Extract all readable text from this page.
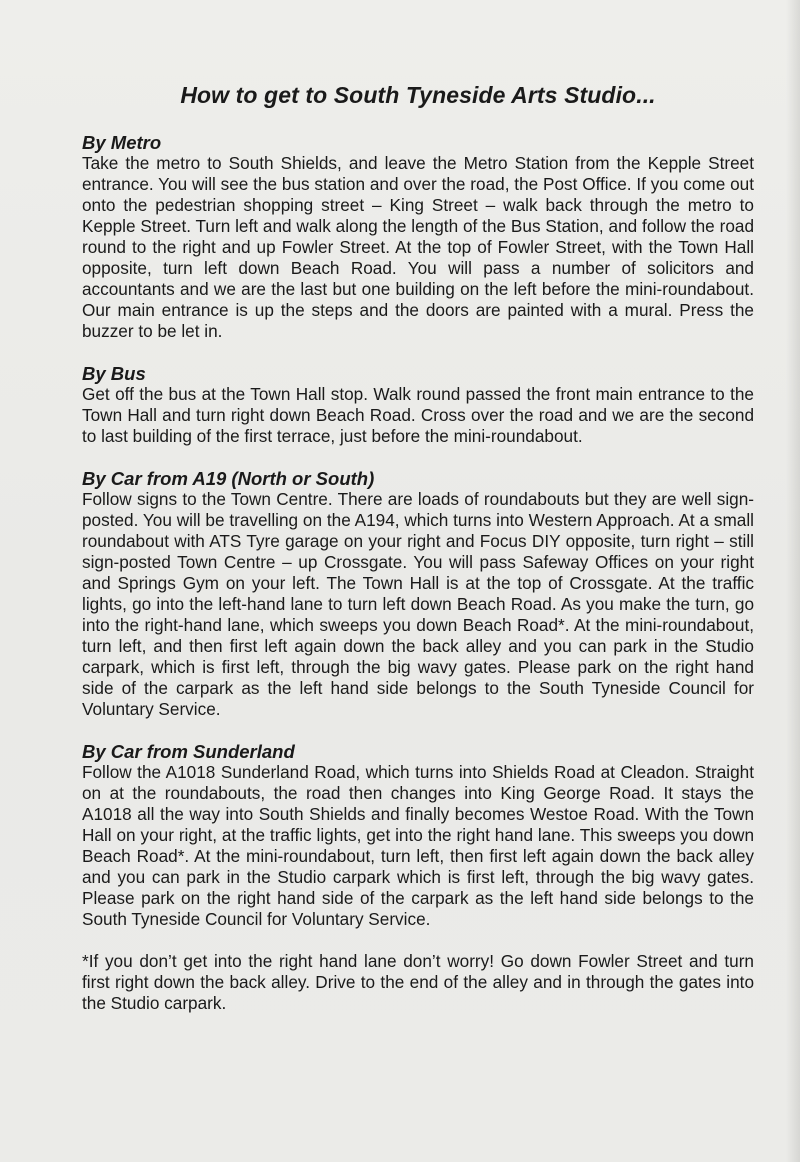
How to get to South Tyneside Arts Studio...
By Metro

Take the metro to South Shields, and leave the Metro Station from the Kepple Street entrance. You will see the bus station and over the road, the Post Office. If you come out onto the pedestrian shopping street – King Street – walk back through the metro to Kepple Street. Turn left and walk along the length of the Bus Station, and follow the road round to the right and up Fowler Street. At the top of Fowler Street, with the Town Hall opposite, turn left down Beach Road. You will pass a number of solicitors and accountants and we are the last but one building on the left before the mini-roundabout. Our main entrance is up the steps and the doors are painted with a mural. Press the buzzer to be let in.

By Bus

Get off the bus at the Town Hall stop. Walk round passed the front main entrance to the Town Hall and turn right down Beach Road. Cross over the road and we are the second to last building of the first terrace, just before the mini-roundabout.

By Car from A19 (North or South)

Follow signs to the Town Centre. There are loads of roundabouts but they are well sign-posted. You will be travelling on the A194, which turns into Western Approach. At a small roundabout with ATS Tyre garage on your right and Focus DIY opposite, turn right – still sign-posted Town Centre – up Crossgate. You will pass Safeway Offices on your right and Springs Gym on your left. The Town Hall is at the top of Crossgate. At the traffic lights, go into the left-hand lane to turn left down Beach Road. As you make the turn, go into the right-hand lane, which sweeps you down Beach Road*. At the mini-roundabout, turn left, and then first left again down the back alley and you can park in the Studio carpark, which is first left, through the big wavy gates. Please park on the right hand side of the carpark as the left hand side belongs to the South Tyneside Council for Voluntary Service.

By Car from Sunderland

Follow the A1018 Sunderland Road, which turns into Shields Road at Cleadon. Straight on at the roundabouts, the road then changes into King George Road. It stays the A1018 all the way into South Shields and finally becomes Westoe Road. With the Town Hall on your right, at the traffic lights, get into the right hand lane. This sweeps you down Beach Road*. At the mini-roundabout, turn left, then first left again down the back alley and you can park in the Studio carpark which is first left, through the big wavy gates. Please park on the right hand side of the carpark as the left hand side belongs to the South Tyneside Council for Voluntary Service.

*If you don’t get into the right hand lane don’t worry! Go down Fowler Street and turn first right down the back alley. Drive to the end of the alley and in through the gates into the Studio carpark.
